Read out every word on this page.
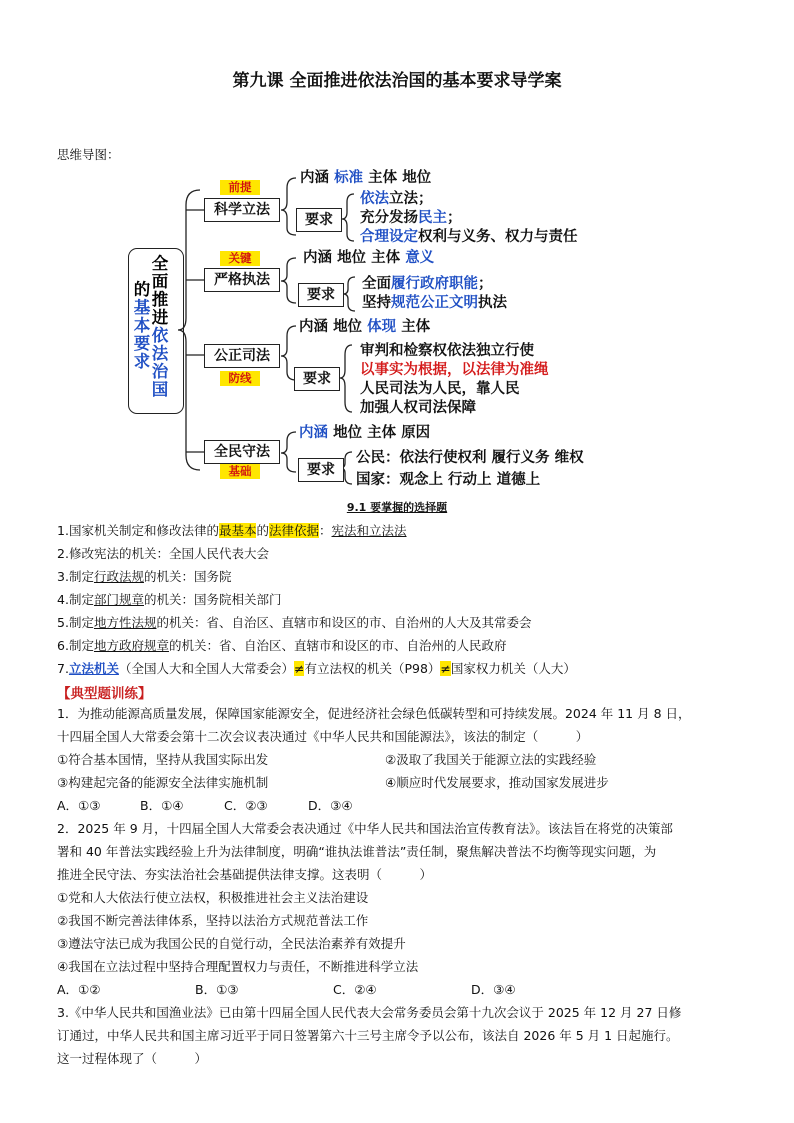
第九课 全面推进依法治国的基本要求导学案
思维导图：
全
面
推
进
依
法
治
国
的
基
本
要
求
前提
科学立法
内涵 标准 主体 地位
要求
依法立法；
充分发扬民主；
合理设定权利与义务、权力与责任
关键
严格执法
内涵 地位 主体 意义
要求
全面履行政府职能；
坚持规范公正文明执法
公正司法
防线
内涵 地位 体现 主体
要求
审判和检察权依法独立行使
以事实为根据，以法律为准绳
人民司法为人民，靠人民
加强人权司法保障
全民守法
基础
内涵 地位 主体 原因
要求
公民：依法行使权利 履行义务 维权
国家：观念上 行动上 道德上
9.1 要掌握的选择题
1.国家机关制定和修改法律的最基本的法律依据：宪法和立法法
2.修改宪法的机关：全国人民代表大会
3.制定行政法规的机关：国务院
4.制定部门规章的机关：国务院相关部门
5.制定地方性法规的机关：省、自治区、直辖市和设区的市、自治州的人大及其常委会
6.制定地方政府规章的机关：省、自治区、直辖市和设区的市、自治州的人民政府
7.立法机关（全国人大和全国人大常委会）≠有立法权的机关（P98）≠国家权力机关（人大）
【典型题训练】
1．为推动能源高质量发展，保障国家能源安全，促进经济社会绿色低碳转型和可持续发展。2024 年 11 月 8 日，
十四届全国人大常委会第十二次会议表决通过《中华人民共和国能源法》，该法的制定（　　　）
①符合基本国情，坚持从我国实际出发	②汲取了我国关于能源立法的实践经验
③构建起完备的能源安全法律实施机制	④顺应时代发展要求，推动国家发展进步
A．①③	B．①④	C．②③	D．③④
2．2025 年 9 月，十四届全国人大常委会表决通过《中华人民共和国法治宣传教育法》。该法旨在将党的决策部
署和 40 年普法实践经验上升为法律制度，明确“谁执法谁普法”责任制，聚焦解决普法不均衡等现实问题，为
推进全民守法、夯实法治社会基础提供法律支撑。这表明（　　　）
①党和人大依法行使立法权，积极推进社会主义法治建设
②我国不断完善法律体系，坚持以法治方式规范普法工作
③遵法守法已成为我国公民的自觉行动，全民法治素养有效提升
④我国在立法过程中坚持合理配置权力与责任，不断推进科学立法
A．①②	B．①③	C．②④	D．③④
3.《中华人民共和国渔业法》已由第十四届全国人民代表大会常务委员会第十九次会议于 2025 年 12 月 27 日修
订通过，中华人民共和国主席习近平于同日签署第六十三号主席令予以公布，该法自 2026 年 5 月 1 日起施行。
这一过程体现了（　　　）
